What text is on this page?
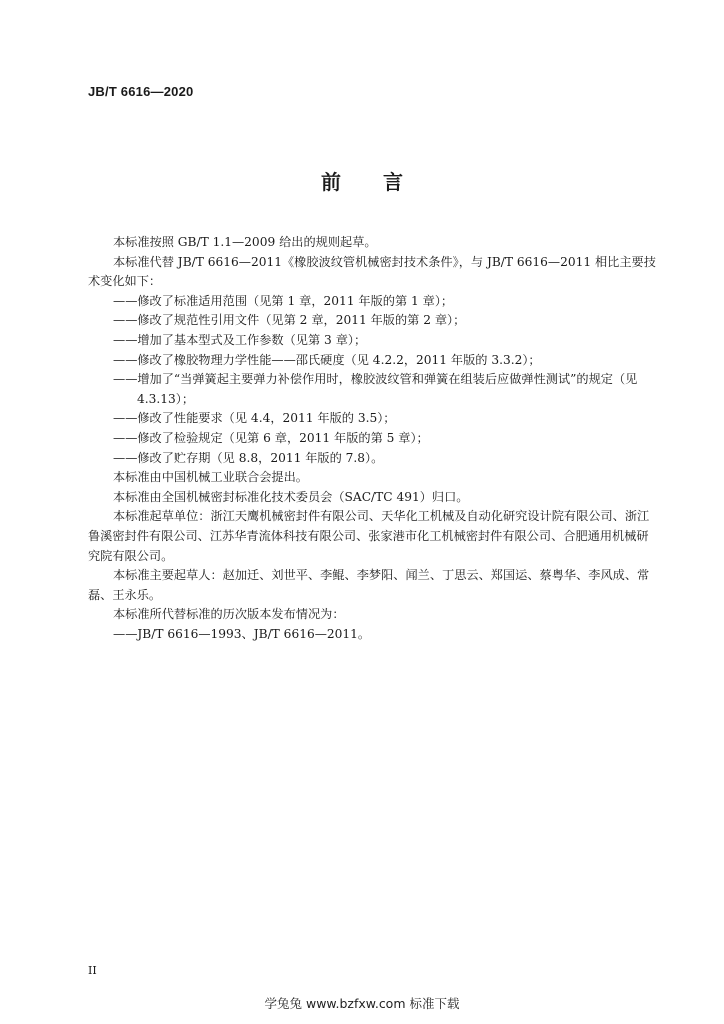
JB/T 6616—2020
前 言

本标准按照 GB/T 1.1—2009 给出的规则起草。

本标准代替 JB/T 6616—2011《橡胶波纹管机械密封技术条件》，与 JB/T 6616—2011 相比主要技术变化如下：

——修改了标准适用范围（见第 1 章，2011 年版的第 1 章）；

——修改了规范性引用文件（见第 2 章，2011 年版的第 2 章）；

——增加了基本型式及工作参数（见第 3 章）；

——修改了橡胶物理力学性能——邵氏硬度（见 4.2.2，2011 年版的 3.3.2）；

——增加了“当弹簧起主要弹力补偿作用时，橡胶波纹管和弹簧在组装后应做弹性测试”的规定（见 4.3.13）；

——修改了性能要求（见 4.4，2011 年版的 3.5）；

——修改了检验规定（见第 6 章，2011 年版的第 5 章）；

——修改了贮存期（见 8.8，2011 年版的 7.8）。

本标准由中国机械工业联合会提出。

本标准由全国机械密封标准化技术委员会（SAC/TC 491）归口。

本标准起草单位：浙江天鹰机械密封件有限公司、天华化工机械及自动化研究设计院有限公司、浙江鲁溪密封件有限公司、江苏华青流体科技有限公司、张家港市化工机械密封件有限公司、合肥通用机械研究院有限公司。

本标准主要起草人：赵加迁、刘世平、李鲲、李梦阳、闻兰、丁思云、郑国运、蔡粤华、李风成、常磊、王永乐。

本标准所代替标准的历次版本发布情况为：

——JB/T 6616—1993、JB/T 6616—2011。

II
学兔兔 www.bzfxw.com 标准下载
